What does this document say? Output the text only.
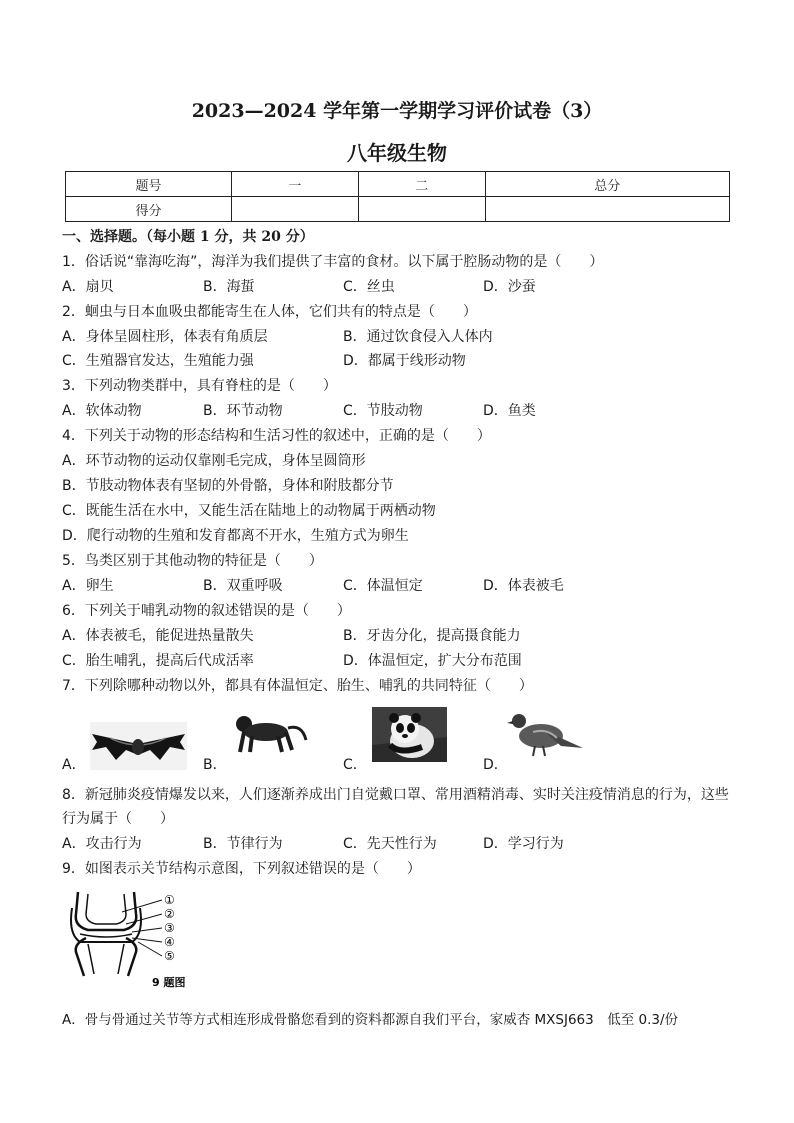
2023—2024 学年第一学期学习评价试卷（3）
八年级生物
题号	一	二	总分
得分			
一、选择题。（每小题 1 分，共 20 分）
1．俗话说“靠海吃海”，海洋为我们提供了丰富的食材。以下属于腔肠动物的是（　　）
A．扇贝	B．海蜇	C．丝虫	D．沙蚕
2．蛔虫与日本血吸虫都能寄生在人体，它们共有的特点是（　　）
A．身体呈圆柱形，体表有角质层	B．通过饮食侵入人体内
C．生殖器官发达，生殖能力强	D．都属于线形动物
3．下列动物类群中，具有脊柱的是（　　）
A．软体动物	B．环节动物	C．节肢动物	D．鱼类
4．下列关于动物的形态结构和生活习性的叙述中，正确的是（　　）
A．环节动物的运动仅靠刚毛完成，身体呈圆筒形
B．节肢动物体表有坚韧的外骨骼，身体和附肢都分节
C．既能生活在水中，又能生活在陆地上的动物属于两栖动物
D．爬行动物的生殖和发育都离不开水，生殖方式为卵生
5．鸟类区别于其他动物的特征是（　　）
A．卵生	B．双重呼吸	C．体温恒定	D．体表被毛
6．下列关于哺乳动物的叙述错误的是（　　）
A．体表被毛，能促进热量散失	B．牙齿分化，提高摄食能力
C．胎生哺乳，提高后代成活率	D．体温恒定，扩大分布范围
7．下列除哪种动物以外，都具有体温恒定、胎生、哺乳的共同特征（　　）
A．	B．	C．	D．
8．新冠肺炎疫情爆发以来，人们逐渐养成出门自觉戴口罩、常用酒精消毒、实时关注疫情消息的行为，这些
行为属于（　　）
A．攻击行为	B．节律行为	C．先天性行为	D．学习行为
9．如图表示关节结构示意图，下列叙述错误的是（　　）
①
②
③
④
⑤
9 题图
A．骨与骨通过关节等方式相连形成骨骼您看到的资料都源自我们平台，家威杏 MXSJ663　低至 0.3/份
